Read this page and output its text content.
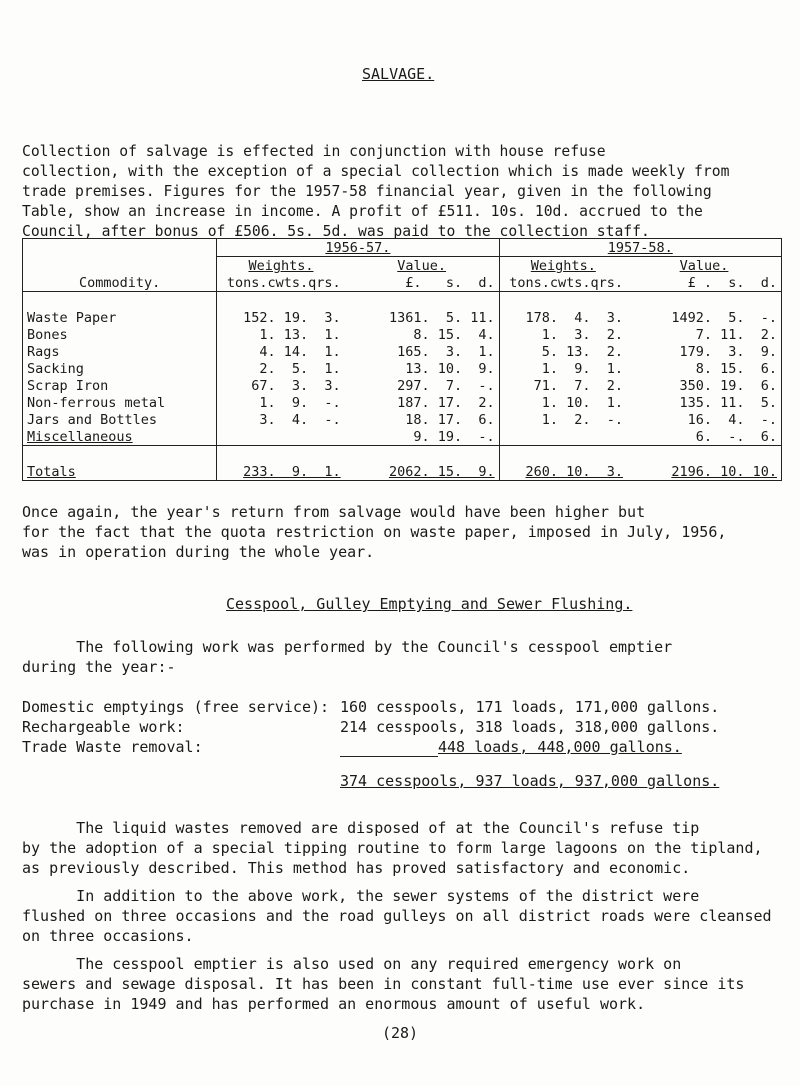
SALVAGE.

Collection of salvage is effected in conjunction with house refuse
collection, with the exception of a special collection which is made weekly from
trade premises. Figures for the 1957-58 financial year, given in the following
Table, show an increase in income. A profit of £511. 10s. 10d. accrued to the
Council, after bonus of £506. 5s. 5d. was paid to the collection staff.

	1956-57.		1957-58.	
	Weights.	Value.	Weights.	Value.
Commodity.	tons.cwts.qrs.	£.   s.  d.	tons.cwts.qrs.	£ .  s.  d.

Waste Paper	152. 19.  3.	1361.  5. 11.	178.  4.  3.	1492.  5.  -.
Bones	1. 13.  1.	8. 15.  4.	1.  3.  2.	7. 11.  2.
Rags	4. 14.  1.	165.  3.  1.	5. 13.  2.	179.  3.  9.
Sacking	2.  5.  1.	13. 10.  9.	1.  9.  1.	8. 15.  6.
Scrap Iron	67.  3.  3.	297.  7.  -.	71.  7.  2.	350. 19.  6.
Non-ferrous metal	1.  9.  -.	187. 17.  2.	1. 10.  1.	135. 11.  5.
Jars and Bottles	3.  4.  -.	18. 17.  6.	1.  2.  -.	16.  4.  -.
Miscellaneous		9. 19.  -.		6.  -.  6.

Totals	233.  9.  1.	2062. 15.  9.	260. 10.  3.	2196. 10. 10.
Once again, the year's return from salvage would have been higher but
for the fact that the quota restriction on waste paper, imposed in July, 1956,
was in operation during the whole year.
Cesspool, Gulley Emptying and Sewer Flushing.
The following work was performed by the Council's cesspool emptier
during the year:-
Domestic emptyings (free service): 160 cesspools, 171 loads, 171,000 gallons.
Rechargeable work:	214 cesspools, 318 loads, 318,000 gallons.
Trade Waste removal:	448 loads, 448,000 gallons.
374 cesspools, 937 loads, 937,000 gallons.
The liquid wastes removed are disposed of at the Council's refuse tip
by the adoption of a special tipping routine to form large lagoons on the tipland,
as previously described. This method has proved satisfactory and economic.
In addition to the above work, the sewer systems of the district were
flushed on three occasions and the road gulleys on all district roads were cleansed
on three occasions.
The cesspool emptier is also used on any required emergency work on
sewers and sewage disposal. It has been in constant full-time use ever since its
purchase in 1949 and has performed an enormous amount of useful work.
(28)
